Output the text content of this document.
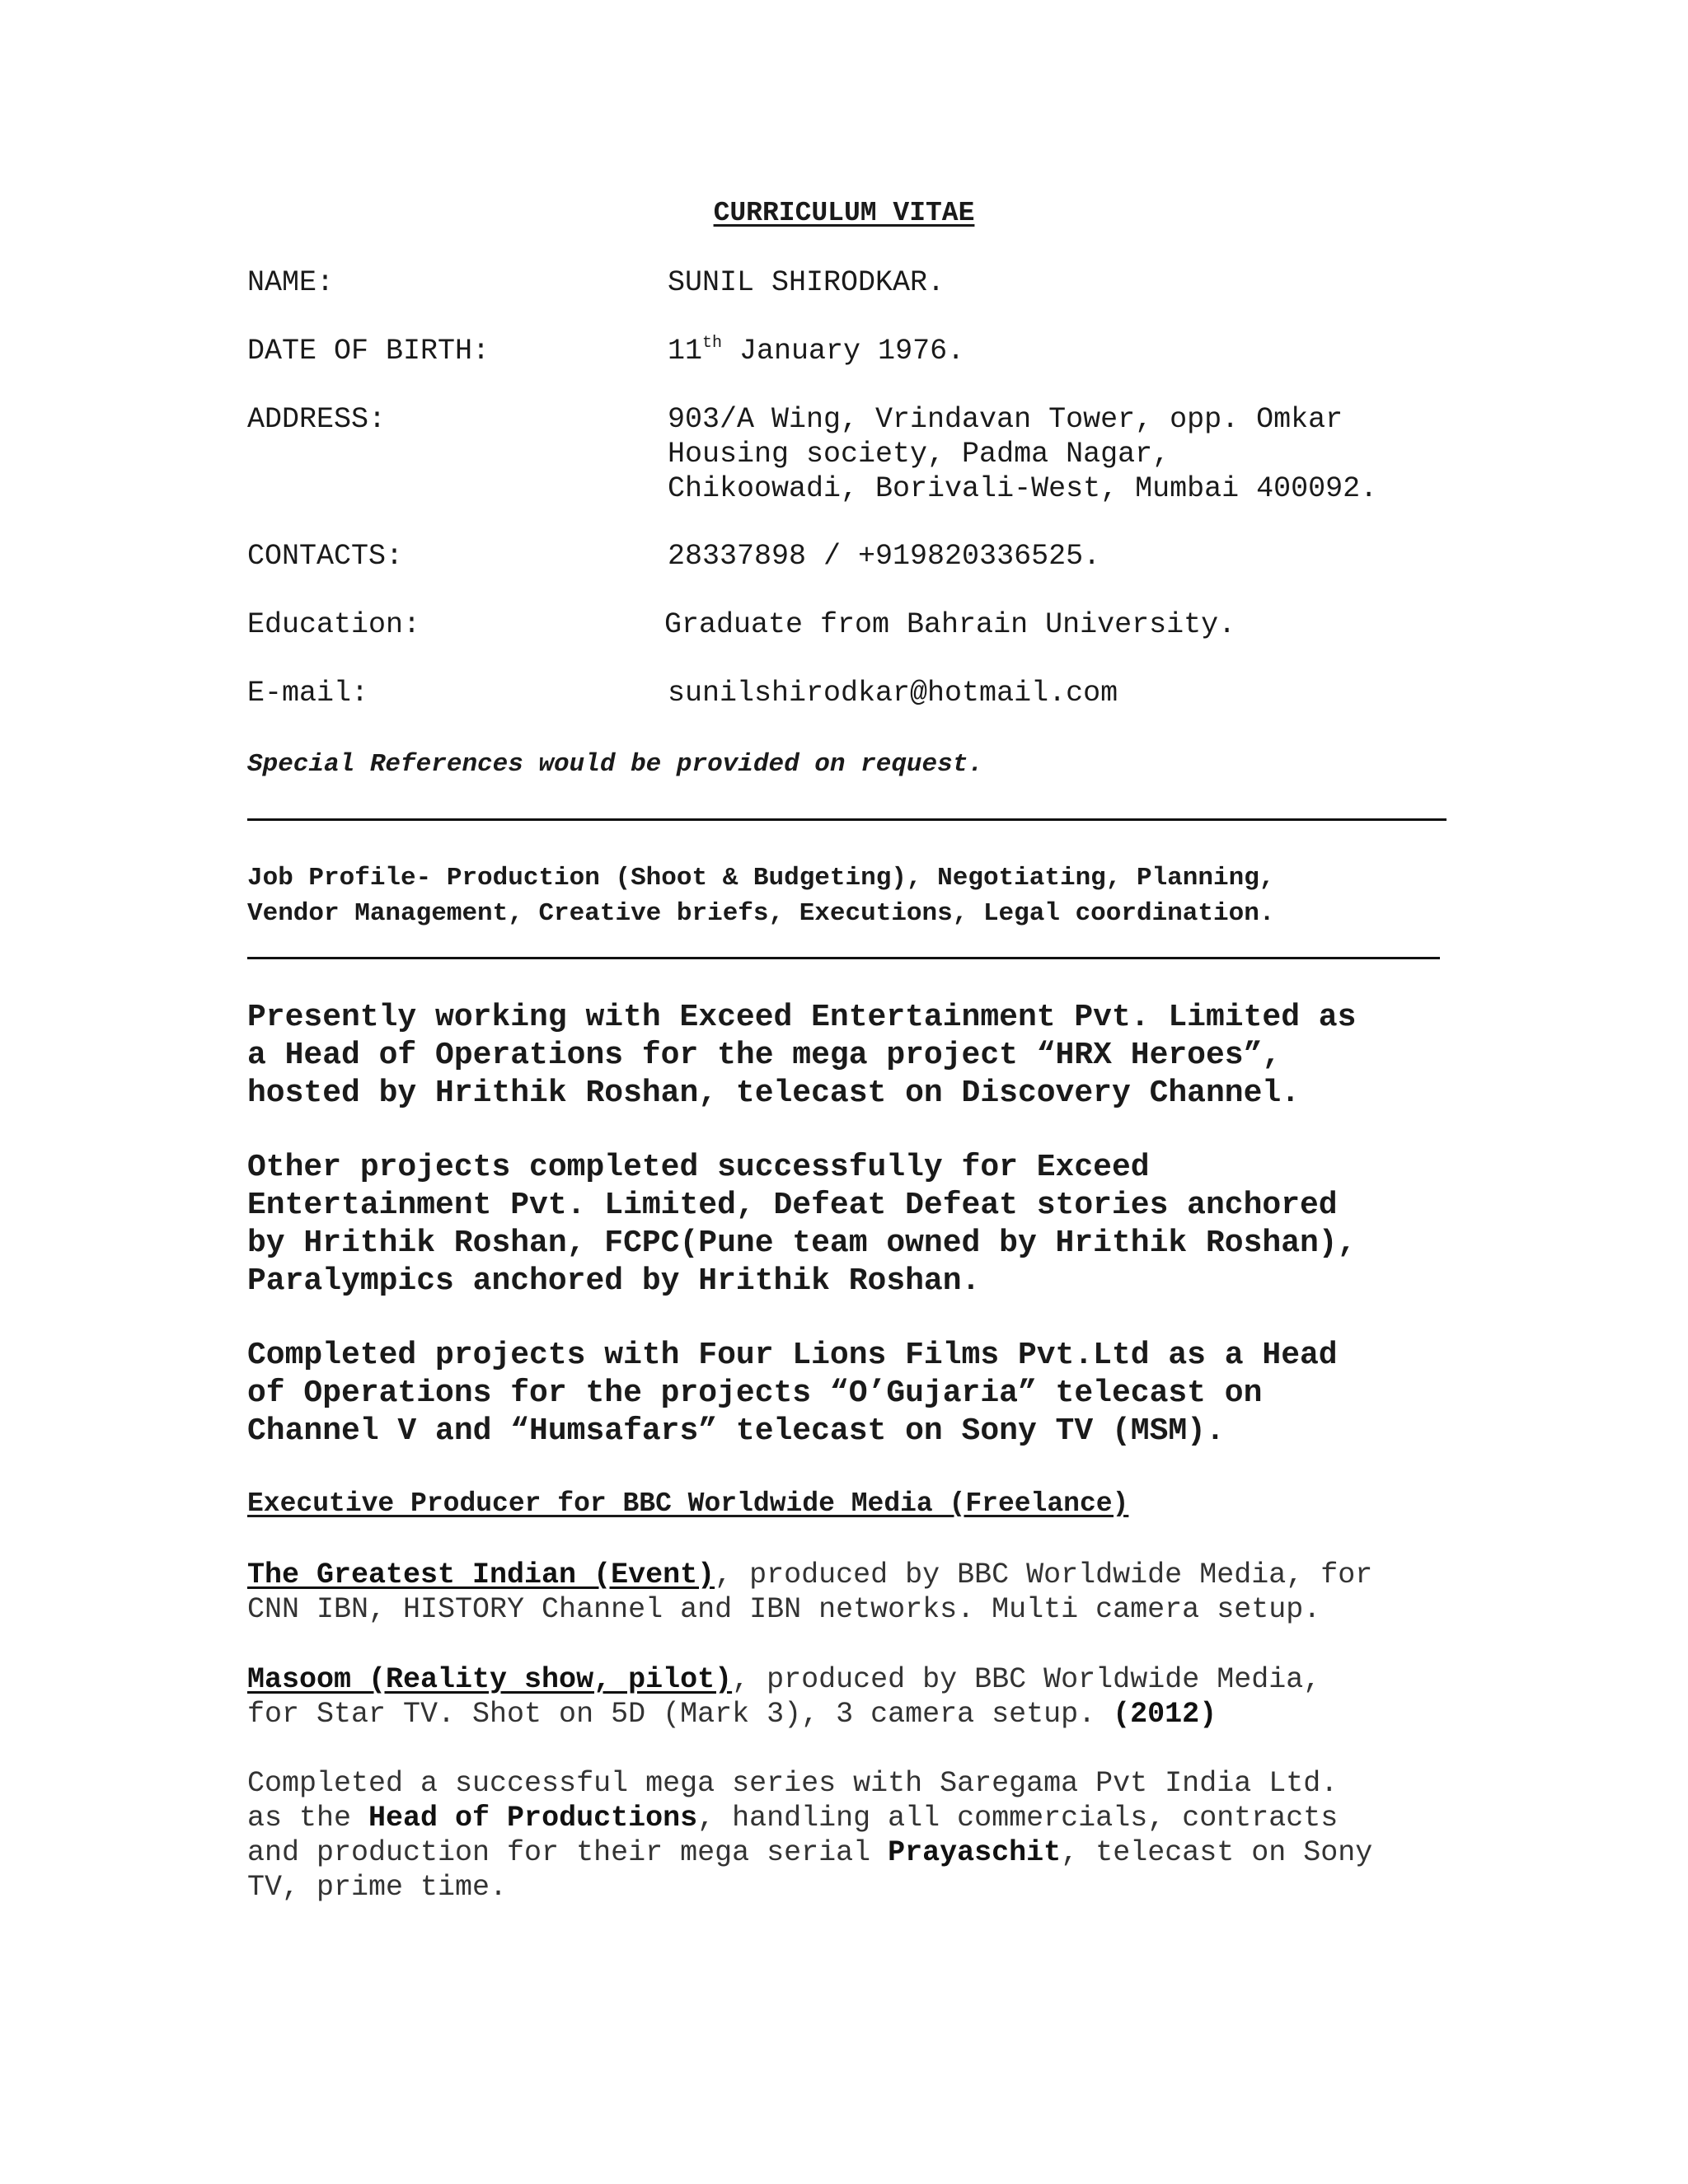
CURRICULUM VITAE
NAME:	SUNIL SHIRODKAR.
DATE OF BIRTH:	11th January 1976.
ADDRESS:	903/A Wing, Vrindavan Tower, opp. Omkar
Housing society, Padma Nagar,
Chikoowadi, Borivali-West, Mumbai 400092.
CONTACTS:	28337898 / +919820336525.
Education:	Graduate from Bahrain University.
E-mail:	sunilshirodkar@hotmail.com
Special References would be provided on request.
Job Profile- Production (Shoot & Budgeting), Negotiating, Planning,
Vendor Management, Creative briefs, Executions, Legal coordination.
Presently working with Exceed Entertainment Pvt. Limited as
a Head of Operations for the mega project “HRX Heroes”,
hosted by Hrithik Roshan, telecast on Discovery Channel.
Other projects completed successfully for Exceed
Entertainment Pvt. Limited, Defeat Defeat stories anchored
by Hrithik Roshan, FCPC(Pune team owned by Hrithik Roshan),
Paralympics anchored by Hrithik Roshan.
Completed projects with Four Lions Films Pvt.Ltd as a Head
of Operations for the projects “O’Gujaria” telecast on
Channel V and “Humsafars” telecast on Sony TV (MSM).
Executive Producer for BBC Worldwide Media (Freelance)
The Greatest Indian (Event), produced by BBC Worldwide Media, for
CNN IBN, HISTORY Channel and IBN networks. Multi camera setup.
Masoom (Reality show, pilot), produced by BBC Worldwide Media,
for Star TV. Shot on 5D (Mark 3), 3 camera setup. (2012)
Completed a successful mega series with Saregama Pvt India Ltd.
as the Head of Productions, handling all commercials, contracts
and production for their mega serial Prayaschit, telecast on Sony
TV, prime time.
